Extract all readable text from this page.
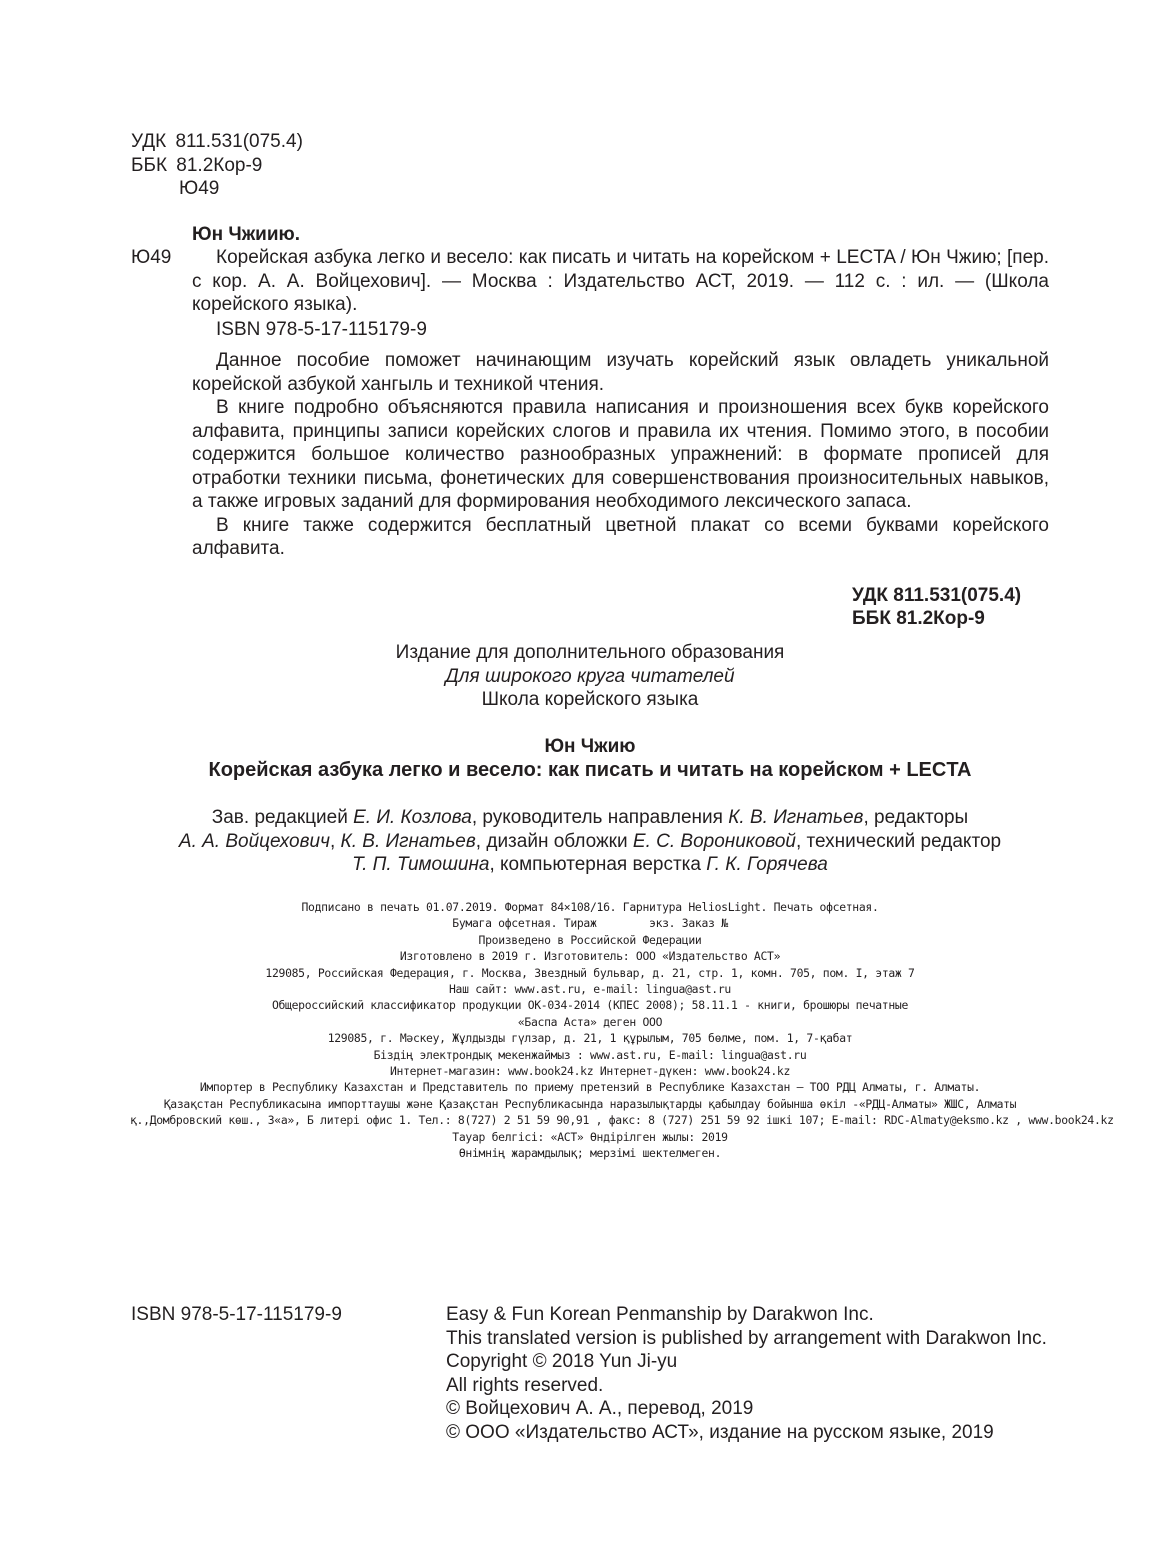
УДК 811.531(075.4)
ББК 81.2Кор-9
Ю49
Юн Чжиию.
Ю49	Корейская азбука легко и весело: как писать и читать на корейском + LECTA / Юн Чжию; [пер. с кор. А. А. Войцехович]. — Москва : Издательство АСТ, 2019. — 112 с. : ил. — (Школа корейского языка).
ISBN 978-5-17-115179-9
Данное пособие поможет начинающим изучать корейский язык овладеть уникальной корейской азбукой хангыль и техникой чтения.
В книге подробно объясняются правила написания и произношения всех букв корейского алфавита, принципы записи корейских слогов и правила их чтения. Помимо этого, в пособии содержится большое количество разнообразных упражнений: в формате прописей для отработки техники письма, фонетических для совершенствования произносительных навыков, а также игровых заданий для формирования необходимого лексического запаса.
В книге также содержится бесплатный цветной плакат со всеми буквами корейского алфавита.
УДК 811.531(075.4)
ББК 81.2Кор-9
Издание для дополнительного образования
Для широкого круга читателей
Школа корейского языка
Юн Чжию
Корейская азбука легко и весело: как писать и читать на корейском + LECTA
Зав. редакцией Е. И. Козлова, руководитель направления К. В. Игнатьев, редакторы
А. А. Войцехович, К. В. Игнатьев, дизайн обложки Е. С. Ворониковой, технический редактор
Т. П. Тимошина, компьютерная верстка Г. К. Горячева
Подписано в печать 01.07.2019. Формат 84×108/16. Гарнитура HeliosLight. Печать офсетная.
Бумага офсетная. Тираж        экз. Заказ №
Произведено в Российской Федерации
Изготовлено в 2019 г. Изготовитель: ООО «Издательство АСТ»
129085, Российская Федерация, г. Москва, Звездный бульвар, д. 21, стр. 1, комн. 705, пом. I, этаж 7
Наш сайт: www.ast.ru, e-mail: lingua@ast.ru
Общероссийский классификатор продукции ОК-034-2014 (КПЕС 2008); 58.11.1 - книги, брошюры печатные
«Баспа Аста» деген ООО
129085, г. Мәскеу, Жұлдызды гүлзар, д. 21, 1 құрылым, 705 бөлме, пом. 1, 7-қабат
Біздің электрондық мекенжаймыз : www.ast.ru, E-mail: lingua@ast.ru
Интернет-магазин: www.book24.kz Интернет-дүкен: www.book24.kz
Импортер в Республику Казахстан и Представитель по приему претензий в Республике Казахстан — ТОО РДЦ Алматы, г. Алматы.
Қазақстан Республикасына импорттаушы және Қазақстан Республикасында наразылықтарды қабылдау бойынша өкіл -«РДЦ-Алматы» ЖШС, Алматы
қ.,Домбровский көш., 3«а», Б литері офис 1. Тел.: 8(727) 2 51 59 90,91 , факс: 8 (727) 251 59 92 ішкі 107; E-mail: RDC-Almaty@eksmo.kz , www.book24.kz
Тауар белгісі: «АСТ» Өндірілген жылы: 2019
Өнімнің жарамдылық; мерзімі шектелмеген.
ISBN 978-5-17-115179-9	Easy & Fun Korean Penmanship by Darakwon Inc.
This translated version is published by arrangement with Darakwon Inc.
Copyright © 2018 Yun Ji-yu
All rights reserved.
© Войцехович А. А., перевод, 2019
© ООО «Издательство АСТ», издание на русском языке, 2019
